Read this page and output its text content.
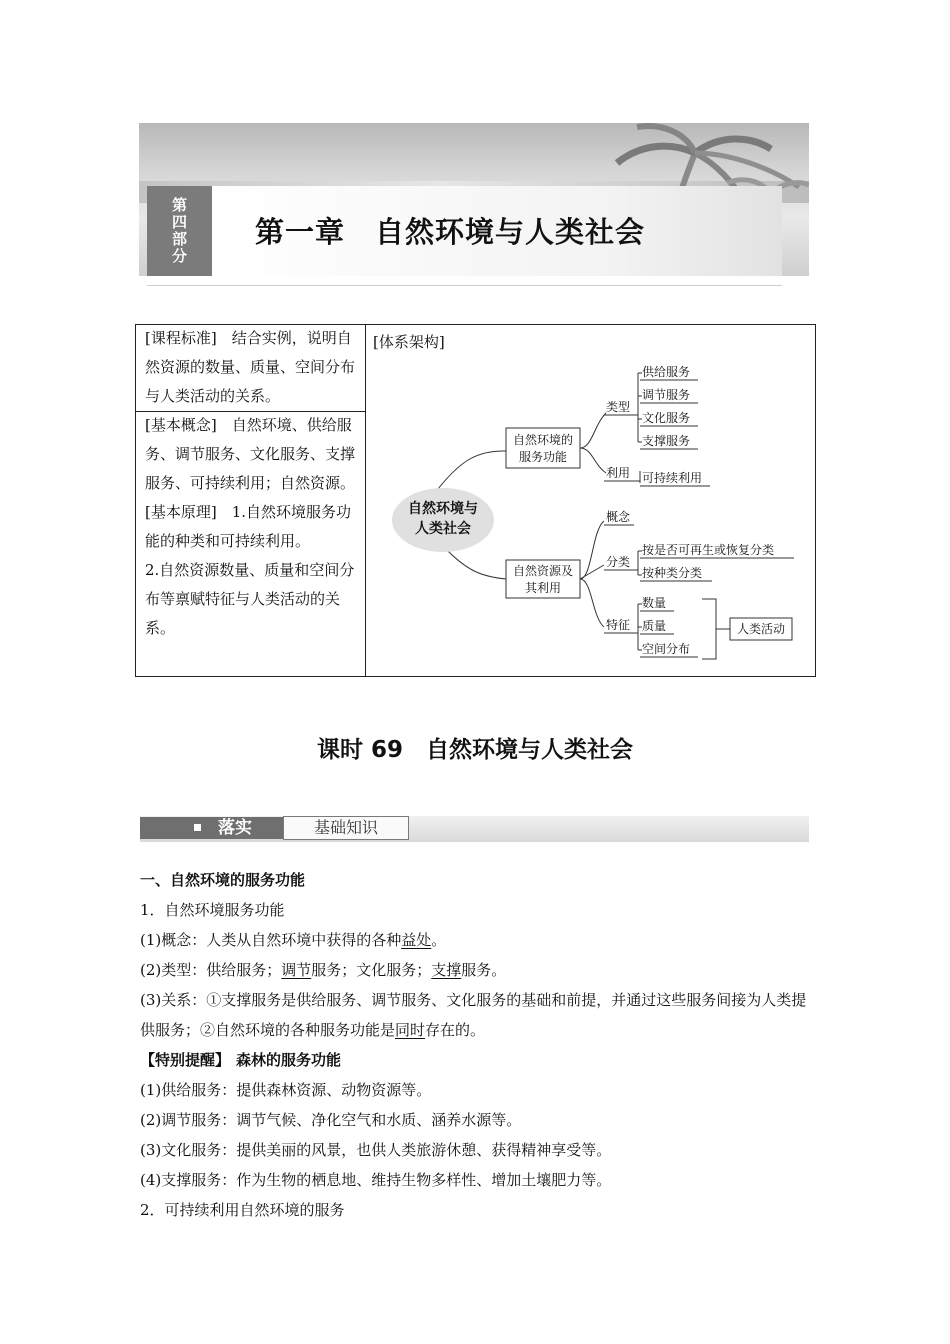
第四部分
第一章　自然环境与人类社会
[课程标准]　 结合实例，说明自然资源的数量、质量、空间分布与人类活动的关系。

[基本概念]　 自然环境、供给服务、调节服务、文化服务、支撑服务、可持续利用；自然资源。

[基本原理]　 1.自然环境服务功能的种类和可持续利用。

2.自然资源数量、质量和空间分布等禀赋特征与人类活动的关系。

[体系架构]
自然环境与
人类社会
自然环境的
服务功能
类型
利用
供给服务
调节服务
文化服务
支撑服务
可持续利用
自然资源及
其利用
概念
分类
特征
按是否可再生或恢复分类
按种类分类
数量
质量
空间分布
人类活动
课时 69　自然环境与人类社会
落实	基础知识

一、自然环境的服务功能

1．自然环境服务功能

(1)概念：人类从自然环境中获得的各种益处。

(2)类型：供给服务；调节服务；文化服务；支撑服务。

(3)关系：①支撑服务是供给服务、调节服务、文化服务的基础和前提，并通过这些服务间接为人类提供服务；②自然环境的各种服务功能是同时存在的。

【特别提醒】 森林的服务功能

(1)供给服务：提供森林资源、动物资源等。

(2)调节服务：调节气候、净化空气和水质、涵养水源等。

(3)文化服务：提供美丽的风景，也供人类旅游休憩、获得精神享受等。

(4)支撑服务：作为生物的栖息地、维持生物多样性、增加土壤肥力等。

2．可持续利用自然环境的服务
